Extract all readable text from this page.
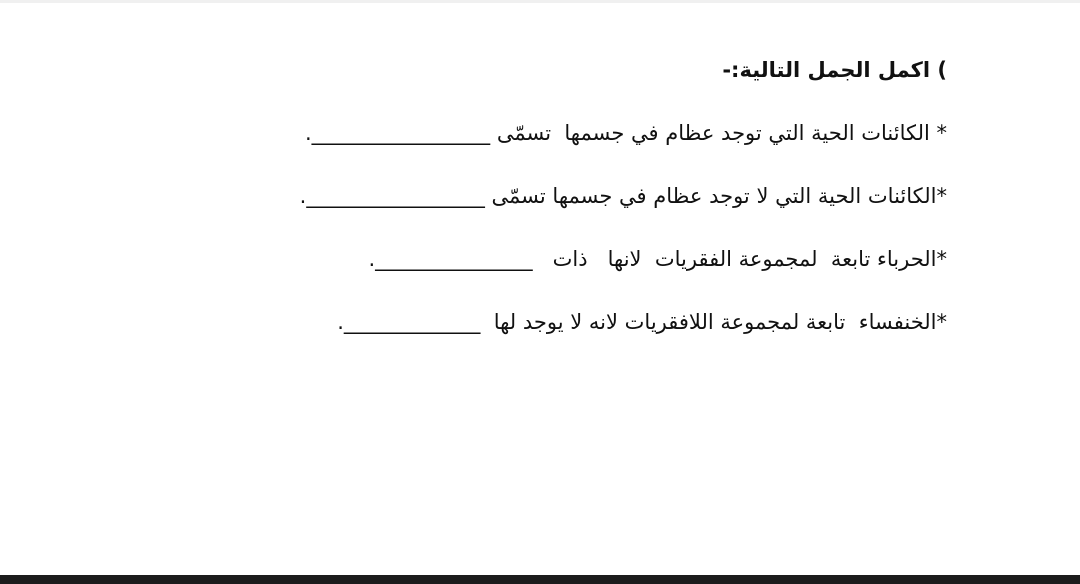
) اكمل الجمل التالية:-
* الكائنات الحية التي توجد عظام في جسمها  تسمّى _________________.
*الكائنات الحية التي لا توجد عظام في جسمها تسمّى _________________.
*الحرباء تابعة  لمجموعة الفقريات  لانها   ذات   _______________.
*الخنفساء  تابعة لمجموعة اللافقريات لانه لا يوجد لها  _____________.
